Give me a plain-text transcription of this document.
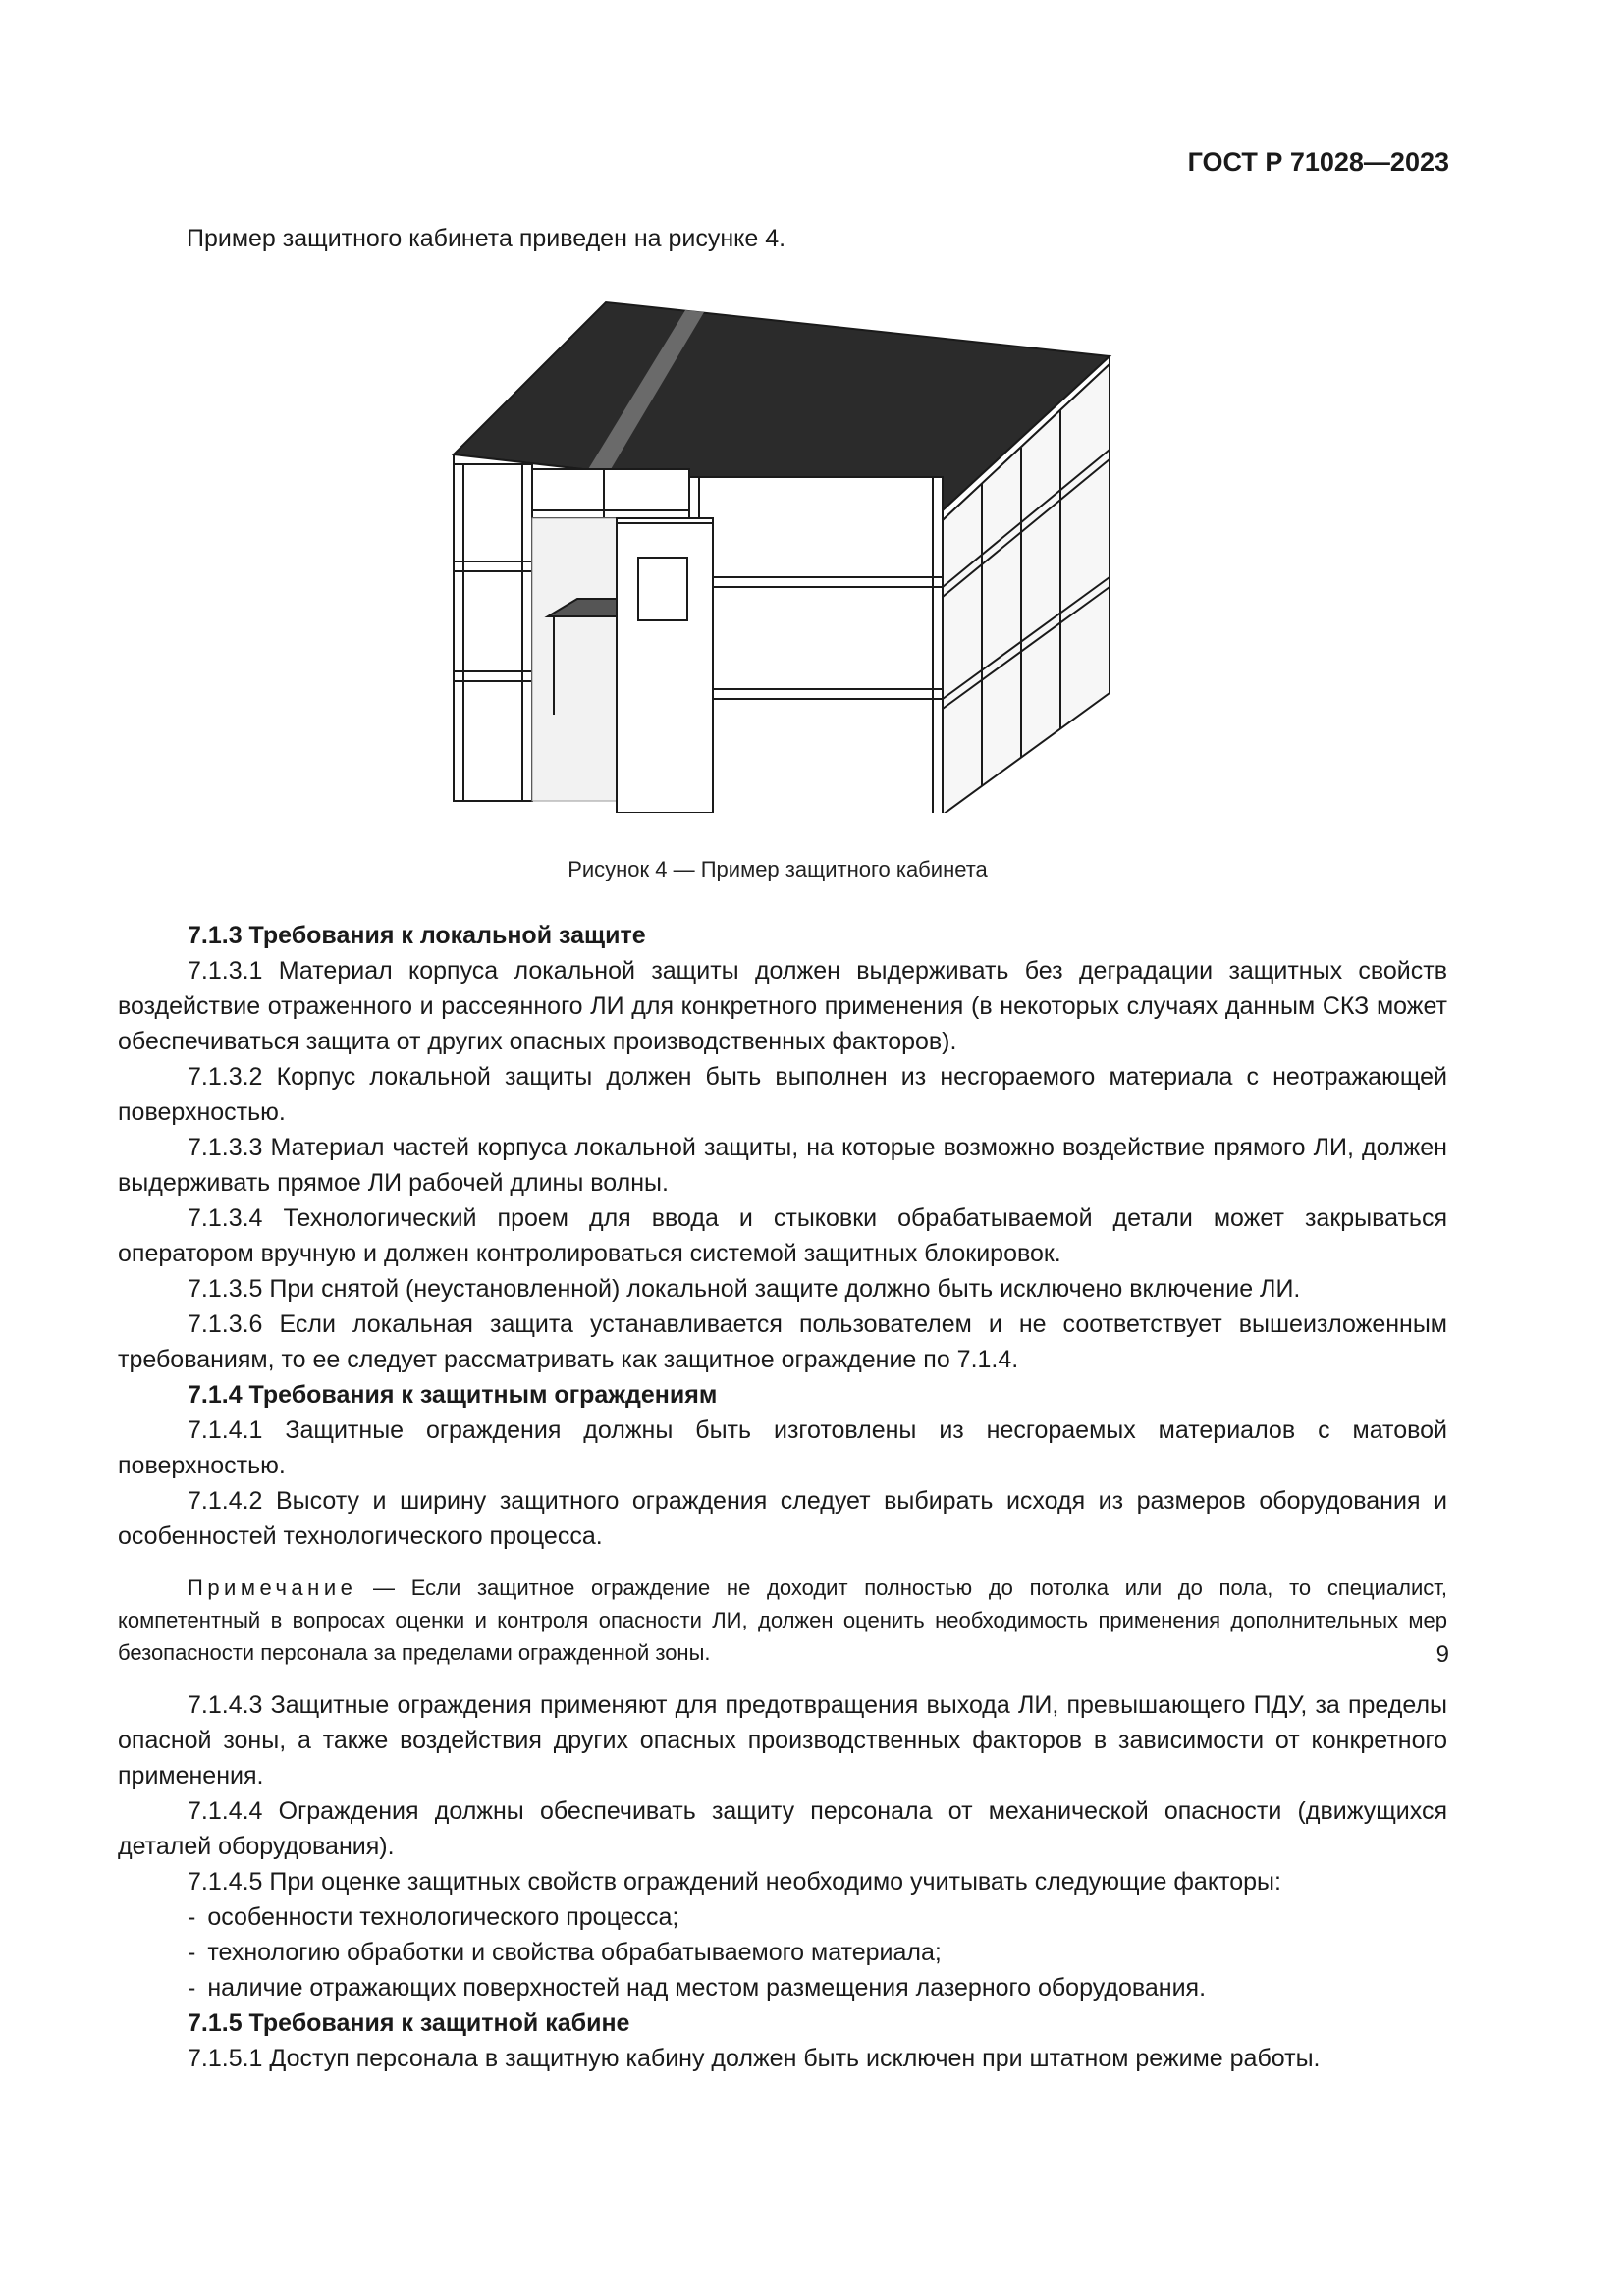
ГОСТ Р 71028—2023
Пример защитного кабинета приведен на рисунке 4.
Рисунок 4 — Пример защитного кабинета

7.1.3 Требования к локальной защите

7.1.3.1 Материал корпуса локальной защиты должен выдерживать без деградации защитных свойств воздействие отраженного и рассеянного ЛИ для конкретного применения (в некоторых случаях данным СКЗ может обеспечиваться защита от других опасных производственных факторов).

7.1.3.2 Корпус локальной защиты должен быть выполнен из несгораемого материала с неотражающей поверхностью.

7.1.3.3 Материал частей корпуса локальной защиты, на которые возможно воздействие прямого ЛИ, должен выдерживать прямое ЛИ рабочей длины волны.

7.1.3.4 Технологический проем для ввода и стыковки обрабатываемой детали может закрываться оператором вручную и должен контролироваться системой защитных блокировок.

7.1.3.5 При снятой (неустановленной) локальной защите должно быть исключено включение ЛИ.

7.1.3.6 Если локальная защита устанавливается пользователем и не соответствует вышеизложенным требованиям, то ее следует рассматривать как защитное ограждение по 7.1.4.

7.1.4 Требования к защитным ограждениям

7.1.4.1 Защитные ограждения должны быть изготовлены из несгораемых материалов с матовой поверхностью.

7.1.4.2 Высоту и ширину защитного ограждения следует выбирать исходя из размеров оборудования и особенностей технологического процесса.

Примечание — Если защитное ограждение не доходит полностью до потолка или до пола, то специалист, компетентный в вопросах оценки и контроля опасности ЛИ, должен оценить необходимость применения дополнительных мер безопасности персонала за пределами огражденной зоны.

7.1.4.3 Защитные ограждения применяют для предотвращения выхода ЛИ, превышающего ПДУ, за пределы опасной зоны, а также воздействия других опасных производственных факторов в зависимости от конкретного применения.

7.1.4.4 Ограждения должны обеспечивать защиту персонала от механической опасности (движущихся деталей оборудования).

7.1.4.5 При оценке защитных свойств ограждений необходимо учитывать следующие факторы:

- особенности технологического процесса;

- технологию обработки и свойства обрабатываемого материала;

- наличие отражающих поверхностей над местом размещения лазерного оборудования.

7.1.5 Требования к защитной кабине

7.1.5.1 Доступ персонала в защитную кабину должен быть исключен при штатном режиме работы.

9
